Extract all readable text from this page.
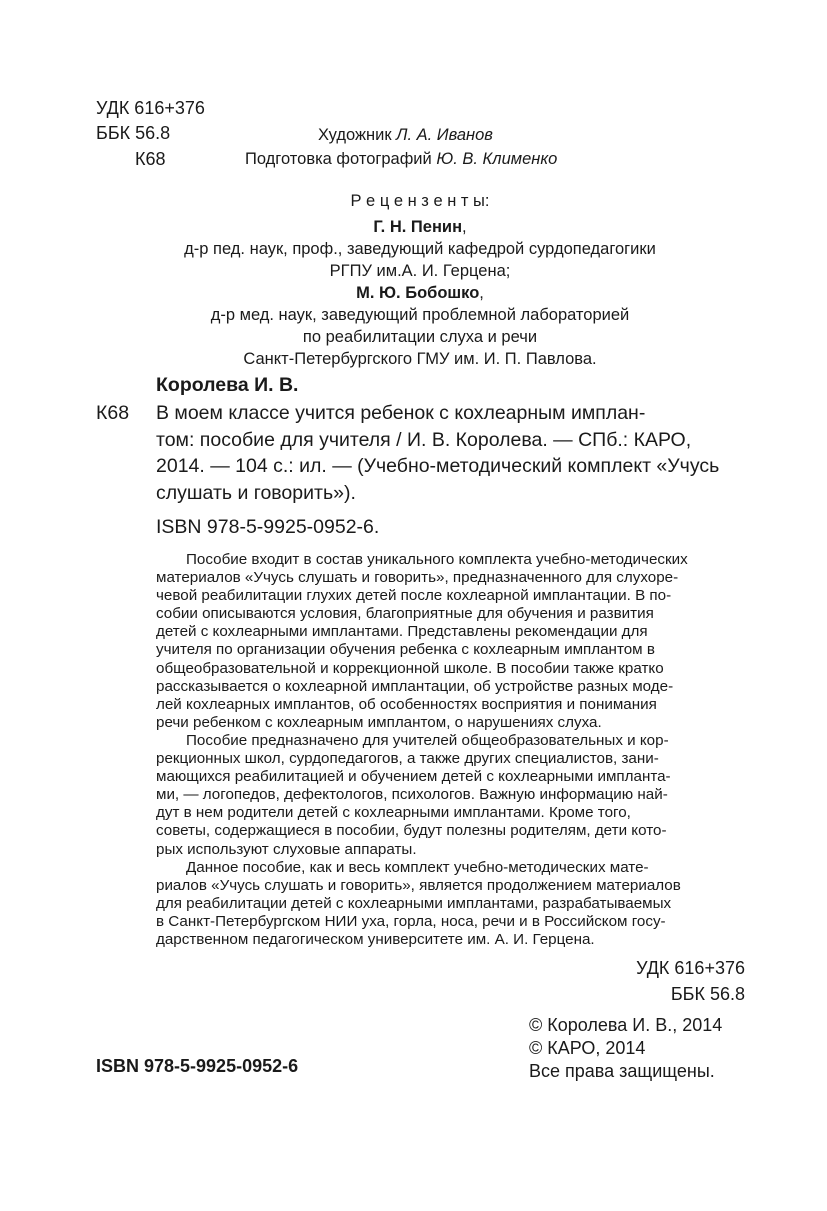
УДК 616+376
ББК 56.8
К68
Художник Л. А. Иванов
Подготовка фотографий Ю. В. Клименко
Р е ц е н з е н т ы:
Г. Н. Пенин,
д-р пед. наук, проф., заведующий кафедрой сурдопедагогики
РГПУ им.А. И. Герцена;
М. Ю. Бобошко,
д-р мед. наук, заведующий проблемной лабораторией
по реабилитации слуха и речи
Санкт-Петербургского ГМУ им. И. П. Павлова.
Королева И. В.
К68 В моем классе учится ребенок с кохлеарным имплан-
том: пособие для учителя / И. В. Королева. — СПб.: КАРО,
2014. — 104 с.: ил. — (Учебно-методический комплект «Учусь
слушать и говорить»).
ISBN 978-5-9925-0952-6.
Пособие входит в состав уникального комплекта учебно-методических
материалов «Учусь слушать и говорить», предназначенного для слухоре-
чевой реабилитации глухих детей после кохлеарной имплантации. В по-
собии описываются условия, благоприятные для обучения и развития
детей с кохлеарными имплантами. Представлены рекомендации для
учителя по организации обучения ребенка с кохлеарным имплантом в
общеобразовательной и коррекционной школе. В пособии также кратко
рассказывается о кохлеарной имплантации, об устройстве разных моде-
лей кохлеарных имплантов, об особенностях восприятия и понимания
речи ребенком с кохлеарным имплантом, о нарушениях слуха.
Пособие предназначено для учителей общеобразовательных и кор-
рекционных школ, сурдопедагогов, а также других специалистов, зани-
мающихся реабилитацией и обучением детей с кохлеарными импланта-
ми, — логопедов, дефектологов, психологов. Важную информацию най-
дут в нем родители детей с кохлеарными имплантами. Кроме того,
советы, содержащиеся в пособии, будут полезны родителям, дети кото-
рых используют слуховые аппараты.
Данное пособие, как и весь комплект учебно-методических мате-
риалов «Учусь слушать и говорить», является продолжением материалов
для реабилитации детей с кохлеарными имплантами, разрабатываемых
в Санкт-Петербургском НИИ уха, горла, носа, речи и в Российском госу-
дарственном педагогическом университете им. А. И. Герцена.
УДК 616+376
ББК 56.8
© Королева И. В., 2014
© КАРО, 2014
Все права защищены.
ISBN 978-5-9925-0952-6
